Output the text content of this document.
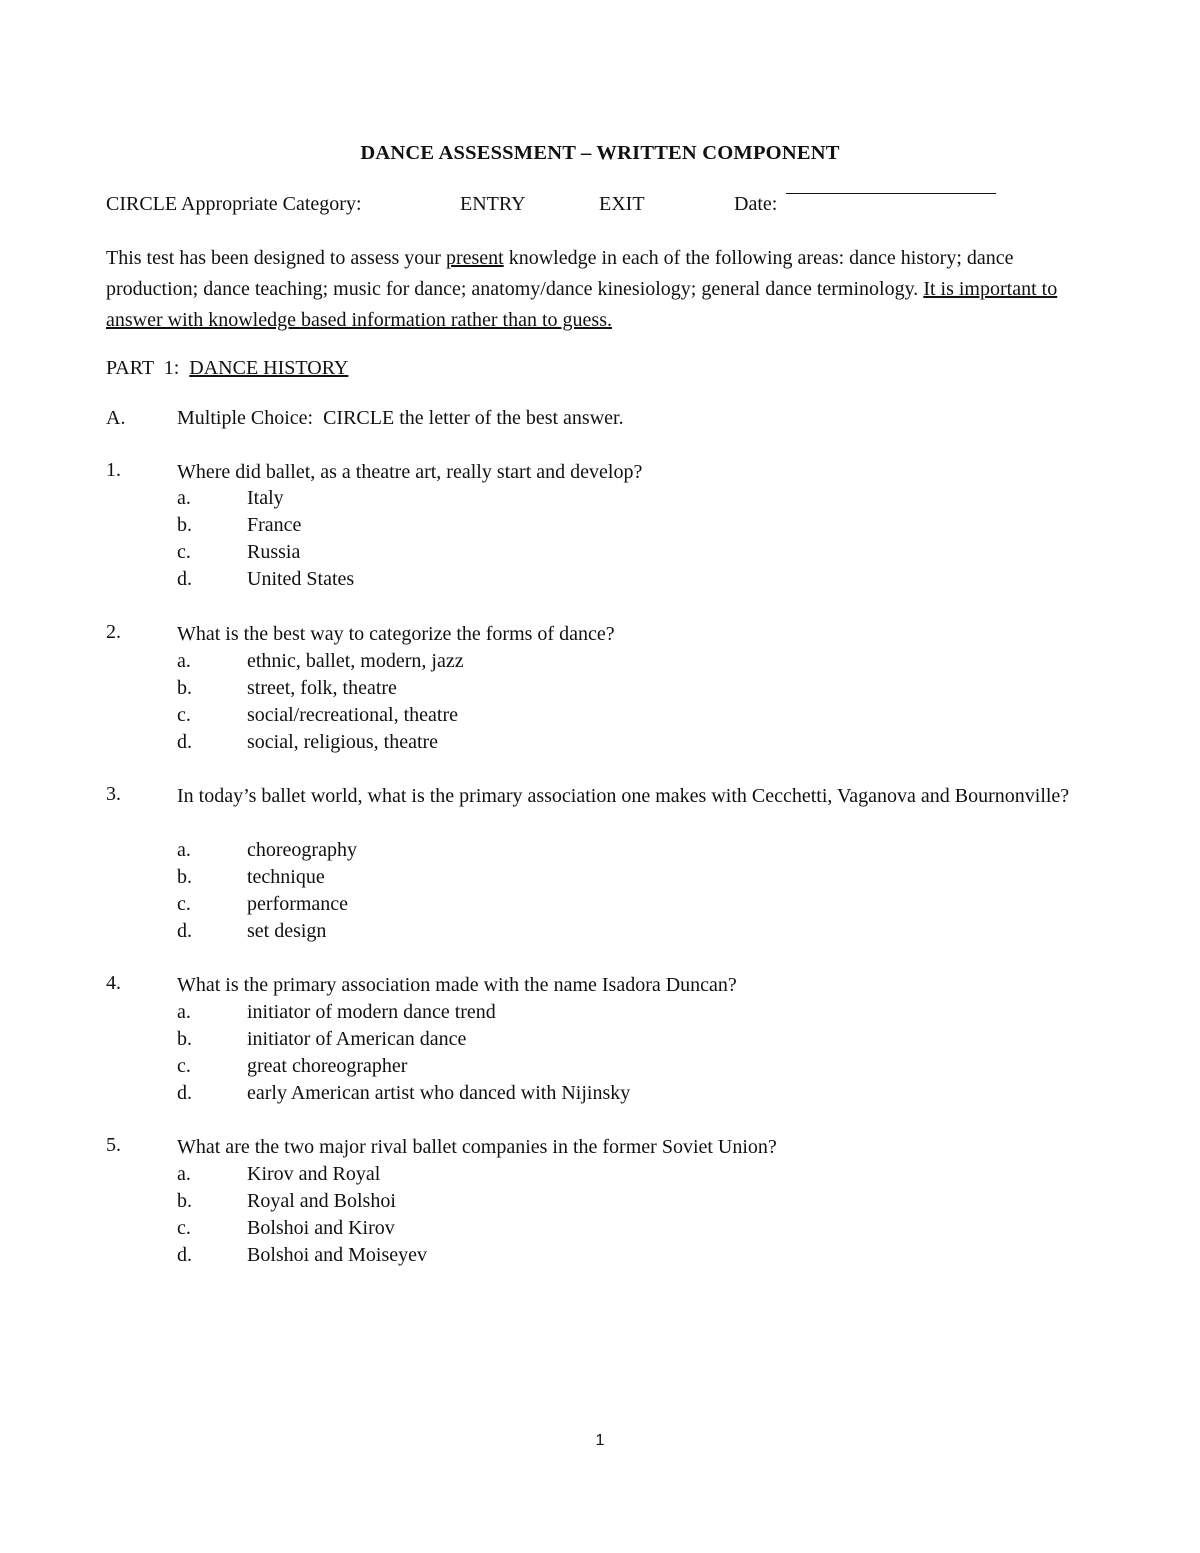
DANCE ASSESSMENT – WRITTEN COMPONENT
CIRCLE Appropriate Category:	ENTRY	EXIT	Date:
This test has been designed to assess your present knowledge in each of the following areas: dance history; dance production; dance teaching; music for dance; anatomy/dance kinesiology; general dance terminology. It is important to answer with knowledge based information rather than to guess.
PART  1:  DANCE HISTORY
A.	Multiple Choice:  CIRCLE the letter of the best answer.
1.	Where did ballet, as a theatre art, really start and develop?
a.	Italy
b.	France
c.	Russia
d.	United States
2.	What is the best way to categorize the forms of dance?
a.	ethnic, ballet, modern, jazz
b.	street, folk, theatre
c.	social/recreational, theatre
d.	social, religious, theatre
3.	In today’s ballet world, what is the primary association one makes with Cecchetti, Vaganova and Bournonville?
a.	choreography
b.	technique
c.	performance
d.	set design
4.	What is the primary association made with the name Isadora Duncan?
a.	initiator of modern dance trend
b.	initiator of American dance
c.	great choreographer
d.	early American artist who danced with Nijinsky
5.	What are the two major rival ballet companies in the former Soviet Union?
a.	Kirov and Royal
b.	Royal and Bolshoi
c.	Bolshoi and Kirov
d.	Bolshoi and Moiseyev
1
